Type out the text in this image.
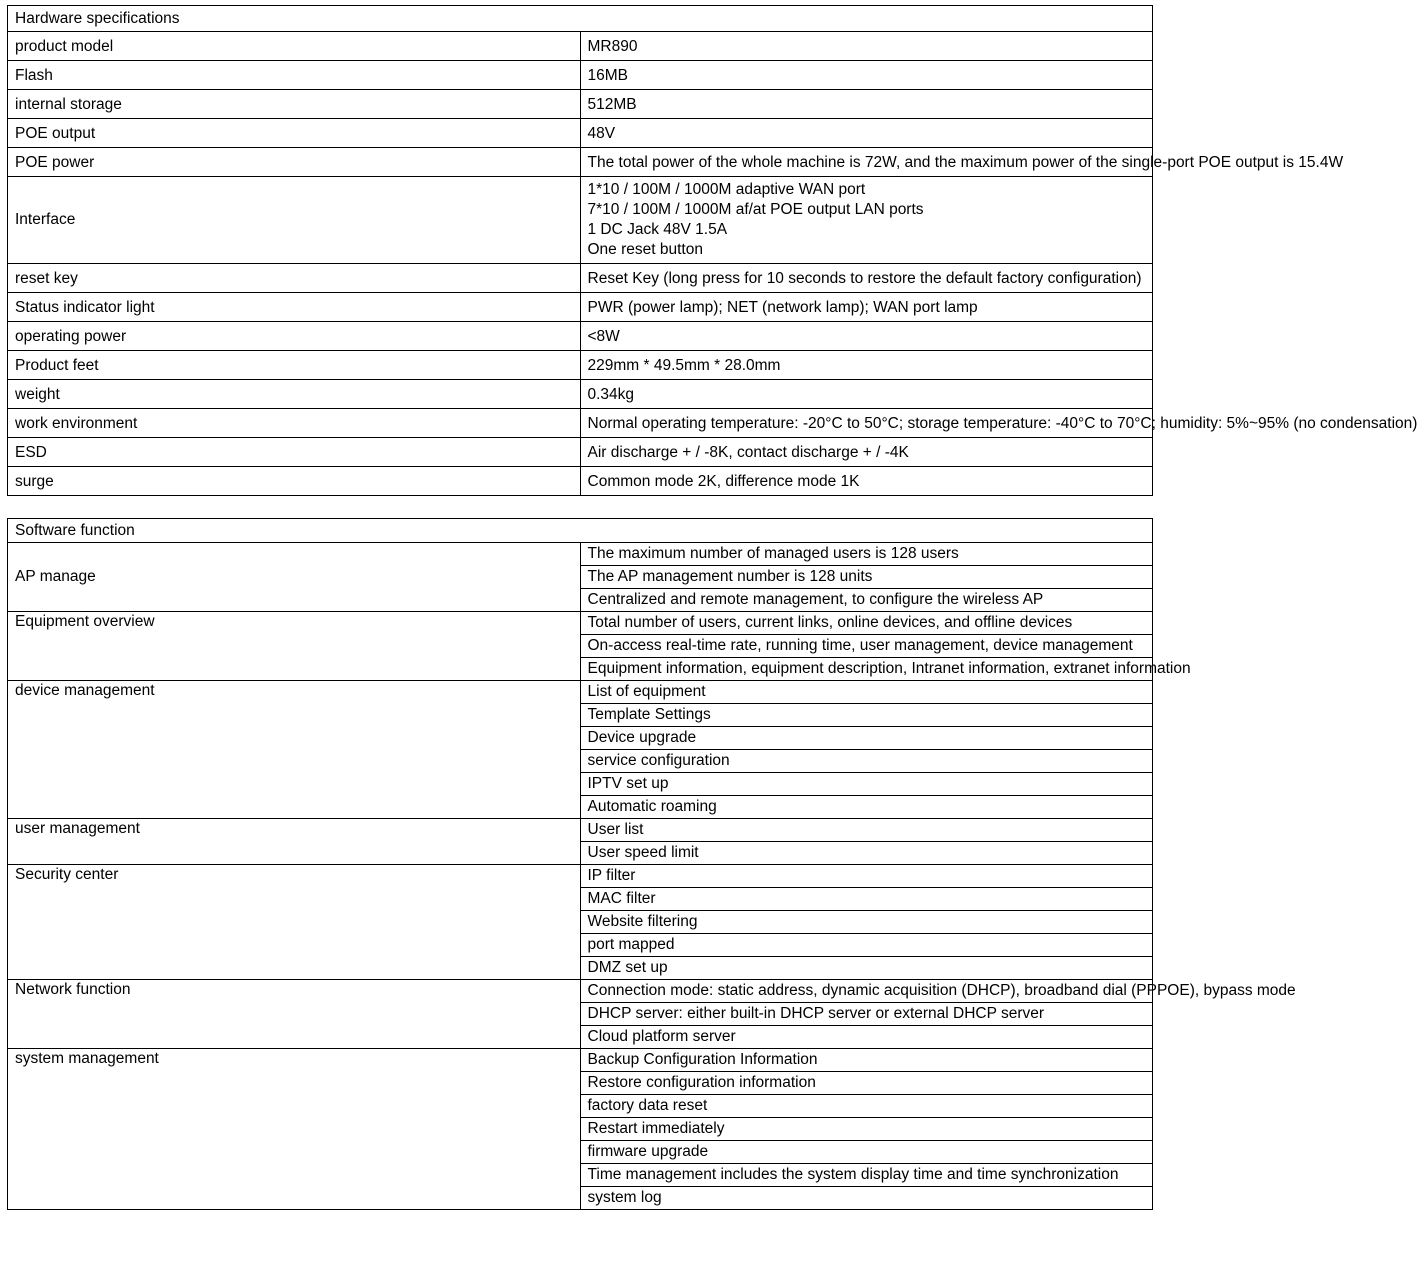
Hardware specifications	
product model	MR890
Flash	16MB
internal storage	512MB
POE output	48V
POE power	The total power of the whole machine is 72W, and the maximum power of the single-port POE output is 15.4W
Interface	1*10 / 100M / 1000M adaptive WAN port
7*10 / 100M / 1000M af/at POE output LAN ports
1 DC Jack 48V 1.5A
One reset button

reset key	Reset Key (long press for 10 seconds to restore the default factory configuration)
Status indicator light	PWR (power lamp); NET (network lamp); WAN port lamp
operating power	<8W
Product feet	229mm * 49.5mm * 28.0mm
weight	0.34kg
work environment	Normal operating temperature: -20°C to 50°C; storage temperature: -40°C to 70°C; humidity: 5%~95% (no condensation)
ESD	Air discharge + / -8K, contact discharge + / -4K
surge	Common mode 2K, difference mode 1K
Software function	
AP manage	The maximum number of managed users is 128 users
	The AP management number is 128 units
	Centralized and remote management, to configure the wireless AP
Equipment overview	Total number of users, current links, online devices, and offline devices
	On-access real-time rate, running time, user management, device management
	Equipment information, equipment description, Intranet information, extranet information
device management	List of equipment
	Template Settings
	Device upgrade
	service configuration
	IPTV set up
	Automatic roaming
user management	User list
	User speed limit
Security center	IP filter
	MAC filter
	Website filtering
	port mapped
	DMZ set up
Network function	Connection mode: static address, dynamic acquisition (DHCP), broadband dial (PPPOE), bypass mode
	DHCP server: either built-in DHCP server or external DHCP server
	Cloud platform server
system management	Backup Configuration Information
	Restore configuration information
	factory data reset
	Restart immediately
	firmware upgrade
	Time management includes the system display time and time synchronization
	system log
